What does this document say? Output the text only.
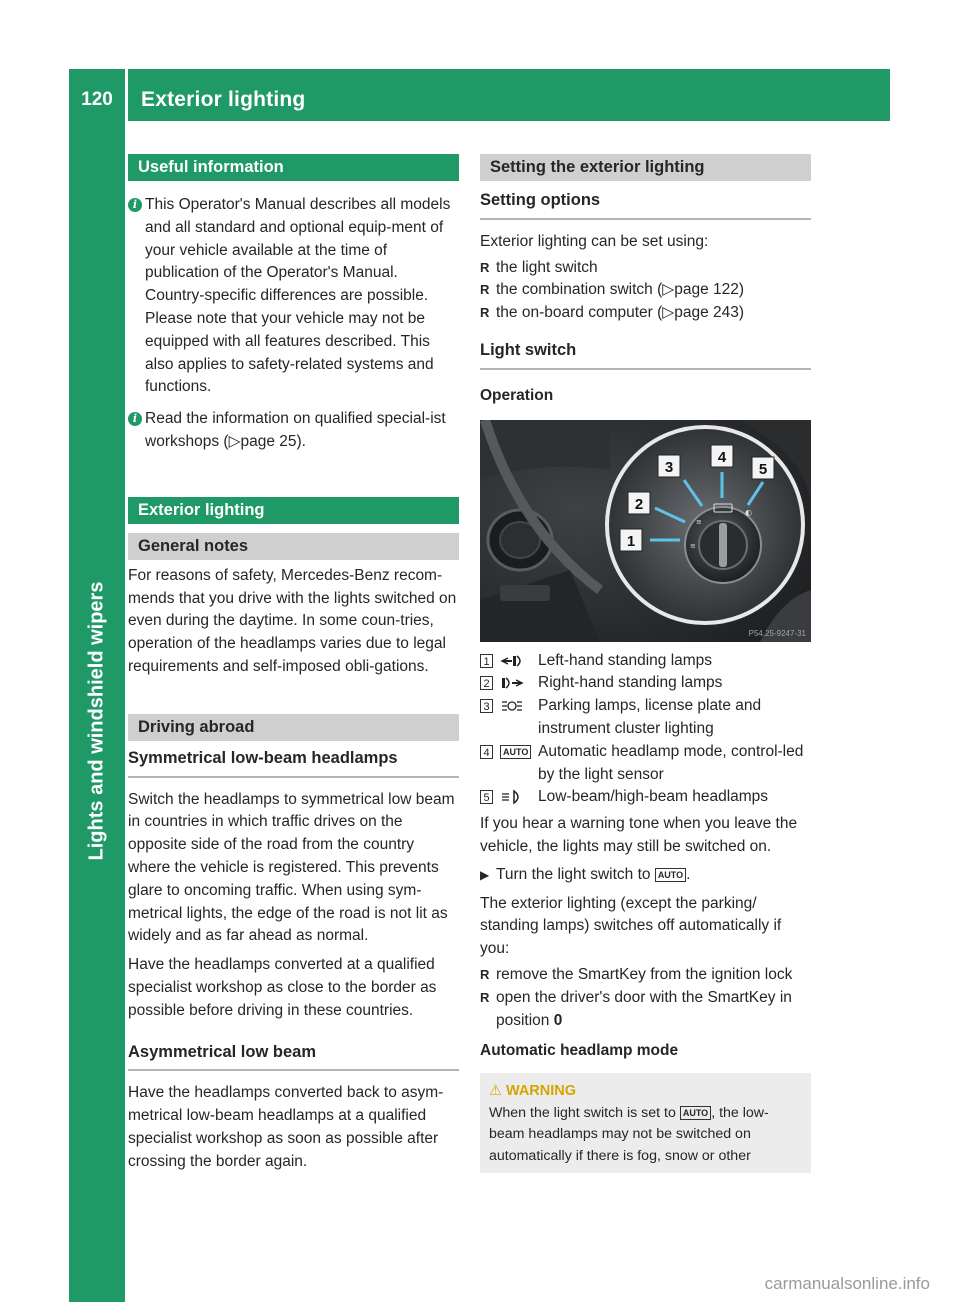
120	Exterior lighting
Lights and windshield wipers
Useful information
i This Operator's Manual describes all models and all standard and optional equip-ment of your vehicle available at the time of publication of the Operator's Manual. Country-specific differences are possible. Please note that your vehicle may not be equipped with all features described. This also applies to safety-related systems and functions.

i Read the information on qualified special-ist workshops (▷page 25).

Exterior lighting
General notes

For reasons of safety, Mercedes-Benz recom-mends that you drive with the lights switched on even during the daytime. In some coun-tries, operation of the headlamps varies due to legal requirements and self-imposed obli-gations.

Driving abroad
Symmetrical low-beam headlamps

Switch the headlamps to symmetrical low beam in countries in which traffic drives on the opposite side of the road from the country where the vehicle is registered. This prevents glare to oncoming traffic. When using sym-metrical lights, the edge of the road is not lit as widely and as far ahead as normal.

Have the headlamps converted at a qualified specialist workshop as close to the border as possible before driving in these countries.

Asymmetrical low beam

Have the headlamps converted back to asym-metrical low-beam headlamps at a qualified specialist workshop as soon as possible after crossing the border again.

Setting the exterior lighting
Setting options

Exterior lighting can be set using:

R the light switch
R the combination switch (▷page 122)
R the on-board computer (▷page 243)
Light switch
Operation
≡
≡
◐
1
2
3
4
5
P54.25-9247-31
1	Left-hand standing lamps
2	Right-hand standing lamps
3	Parking lamps, license plate and instrument cluster lighting
4	AUTO Automatic headlamp mode, control-led by the light sensor
5	Low-beam/high-beam headlamps

If you hear a warning tone when you leave the vehicle, the lights may still be switched on.

▶ Turn the light switch to AUTO .

The exterior lighting (except the parking/ standing lamps) switches off automatically if you:

R remove the SmartKey from the ignition lock
R open the driver's door with the SmartKey in position 0
Automatic headlamp mode
⚠ WARNING
When the light switch is set to AUTO , the low-beam headlamps may not be switched on automatically if there is fog, snow or other
carmanualsonline.info
